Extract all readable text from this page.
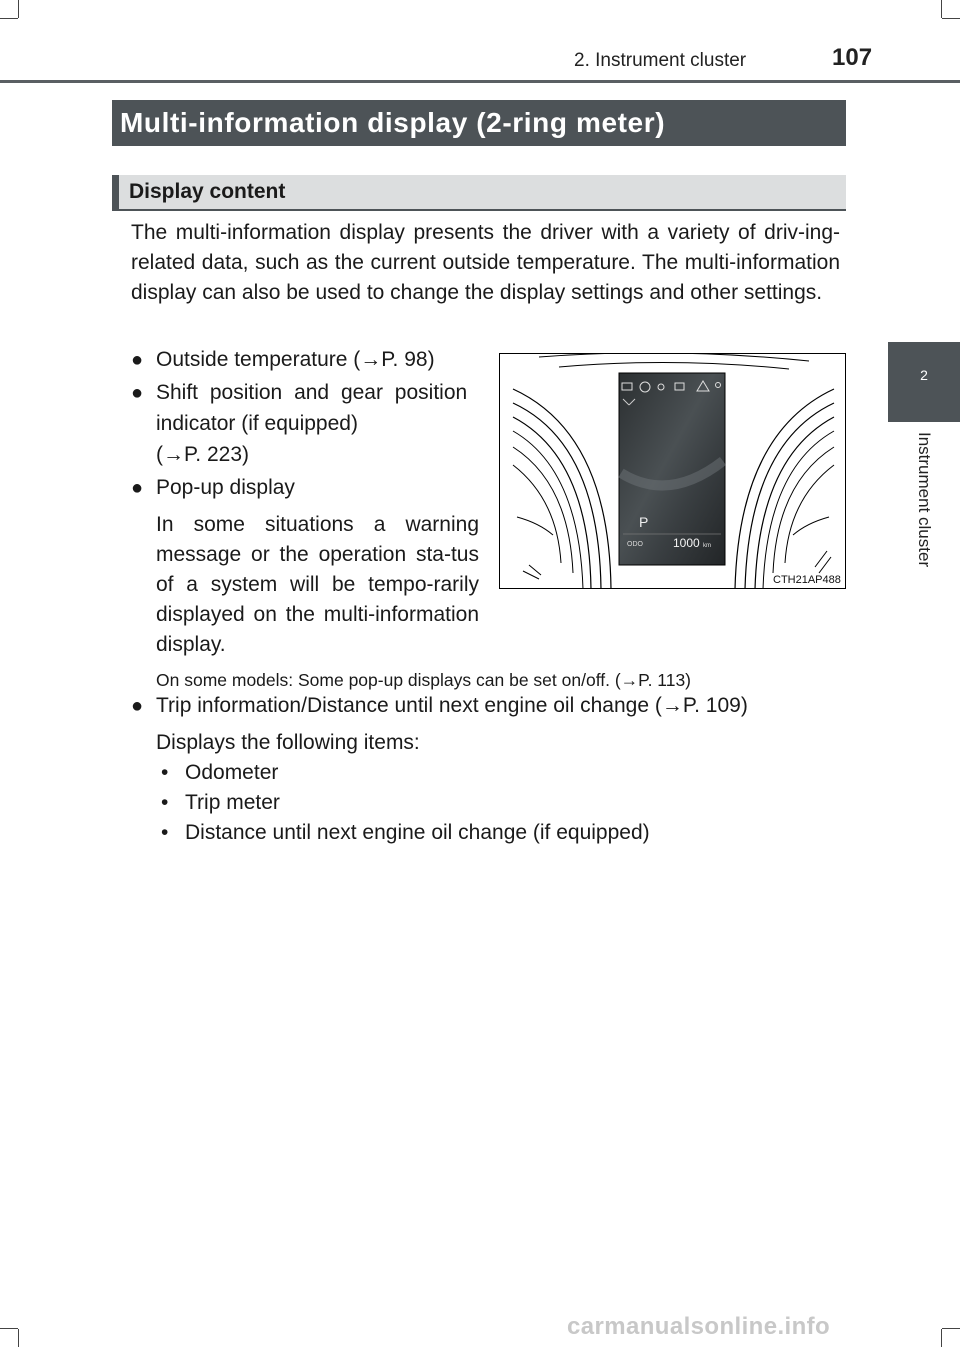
2. Instrument cluster	107
Multi-information display (2-ring meter)
Display content
2
Instrument cluster

The multi-information display presents the driver with a variety of driv-ing-related data, such as the current outside temperature. The multi-information display can also be used to change the display settings and other settings.

● Outside temperature (→P. 98)
● Shift position and gear position
indicator (if equipped)
(→P. 223)
● Pop-up display
In some situations a warning message or the operation sta-tus of a system will be tempo-rarily displayed on the multi-information display.
On some models: Some pop-up displays can be set on/off. (→P. 113)
● Trip information/Distance until next engine oil change (→P. 109)
Displays the following items:
• Odometer
• Trip meter
• Distance until next engine oil change (if equipped)
P
ODO	1000 km
CTH21AP488
carmanualsonline.info
